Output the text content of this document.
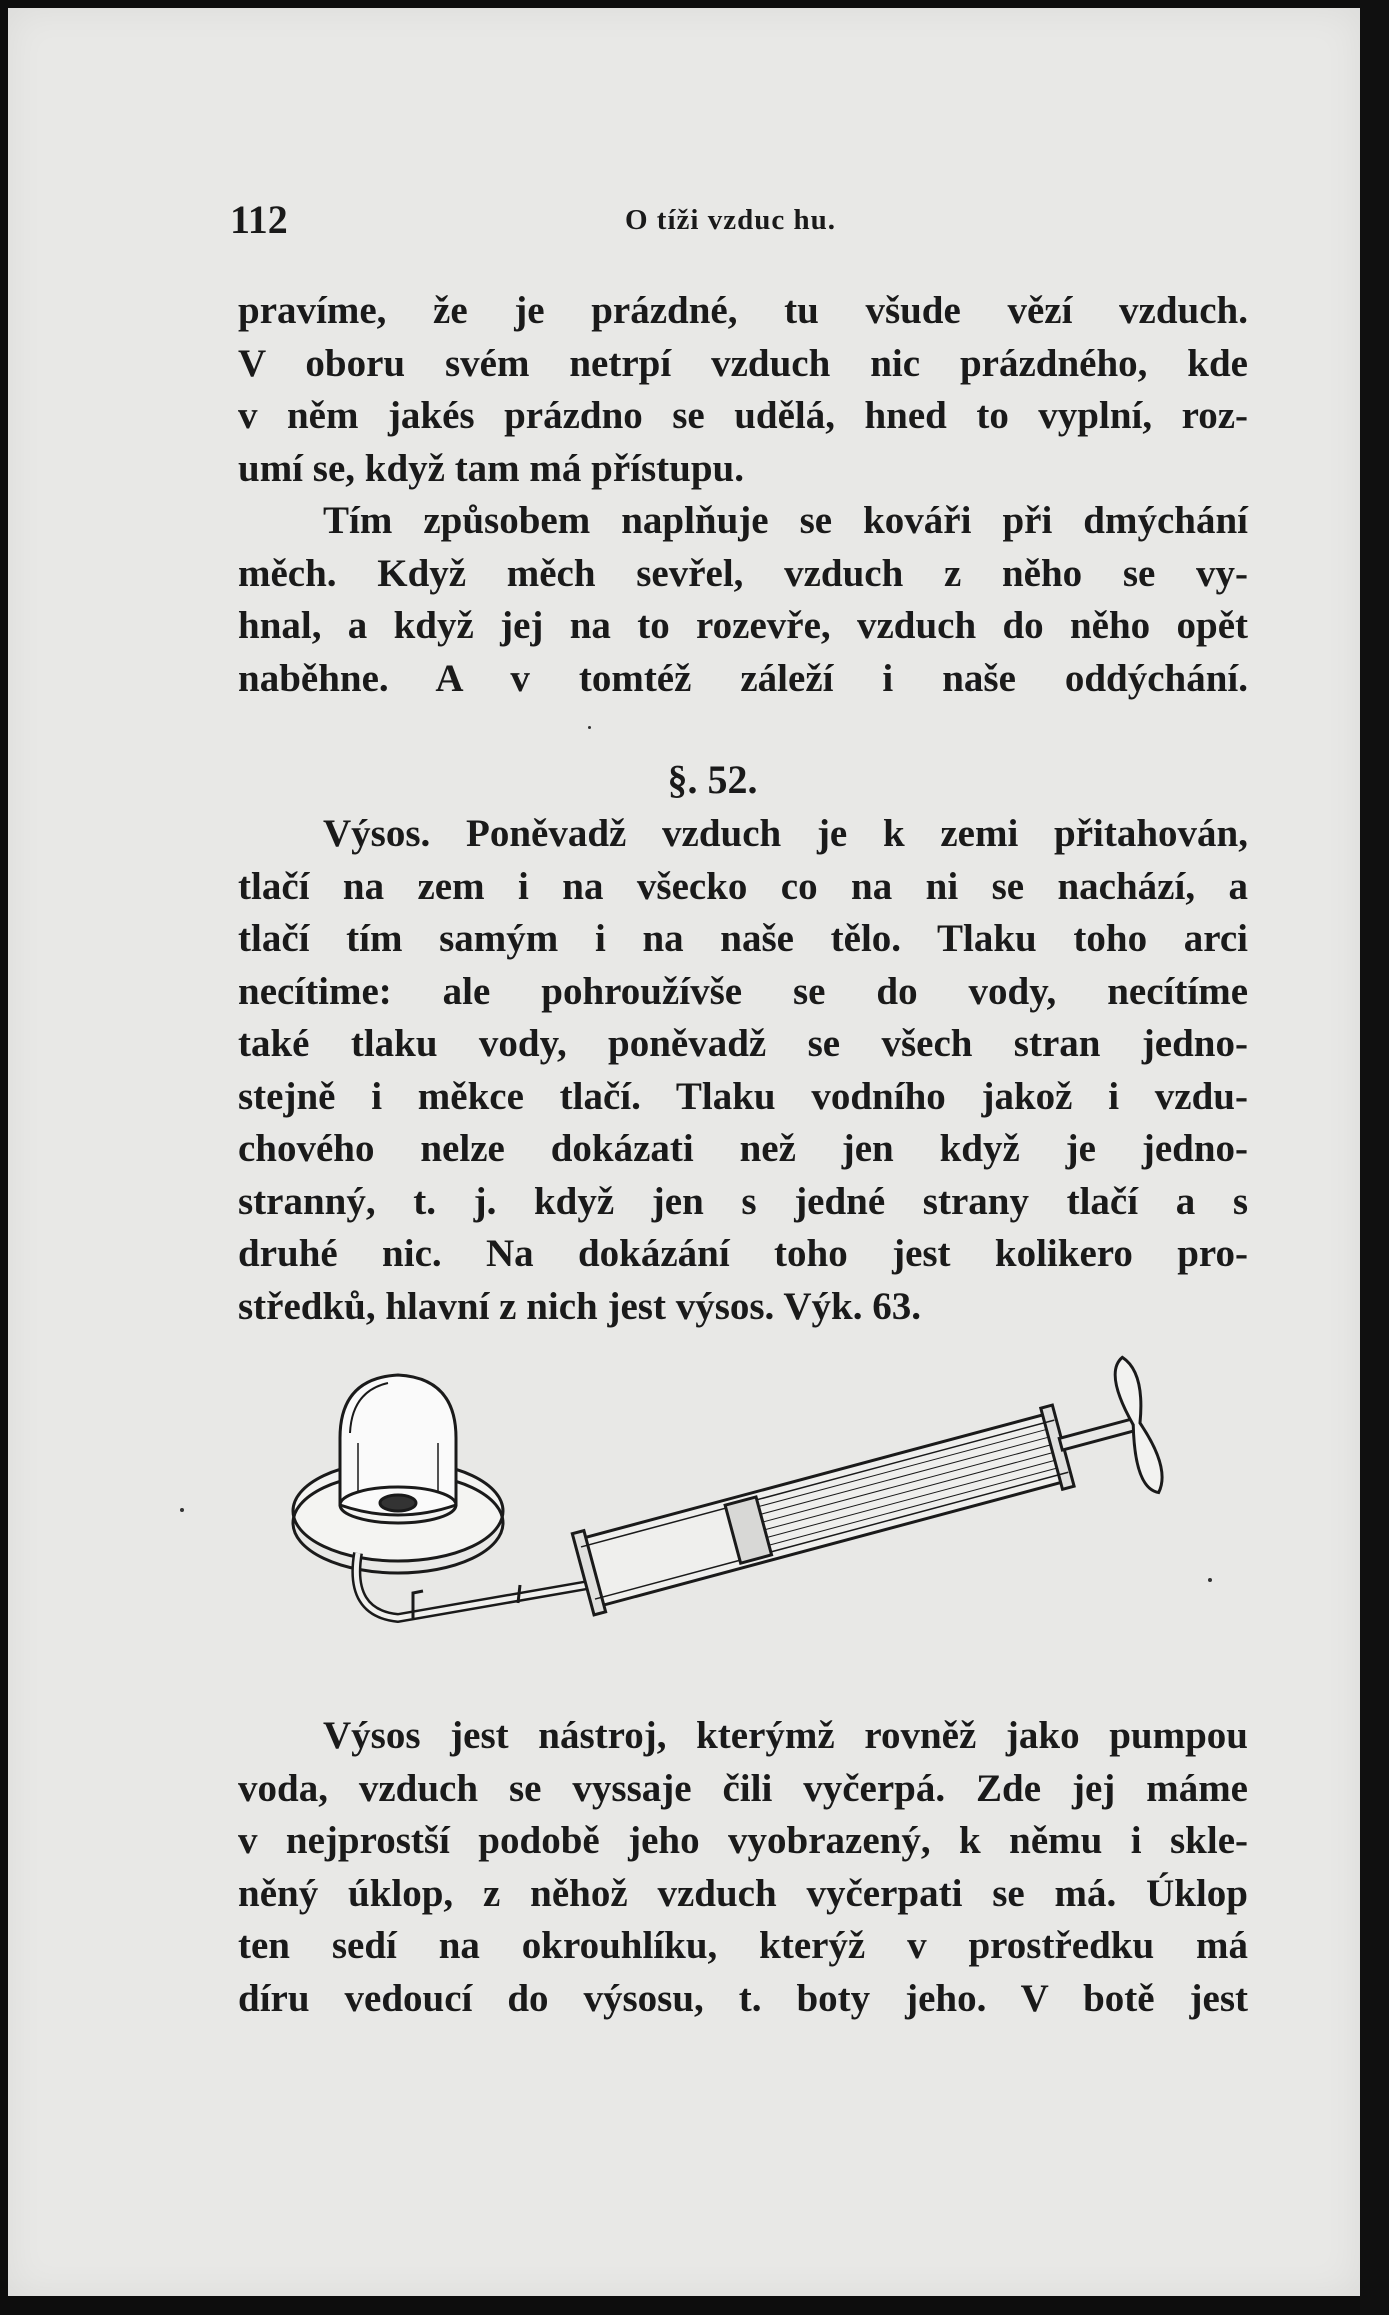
112	O tíži vzduc hu.
pravíme, že je prázdné, tu všude vězí vzduch.
V oboru svém netrpí vzduch nic prázdného, kde
v něm jakés prázdno se udělá, hned to vyplní, roz-
umí se, když tam má přístupu.
Tím způsobem naplňuje se kováři při dmýchání
měch. Když měch sevřel, vzduch z něho se vy-
hnal, a když jej na to rozevře, vzduch do něho opět
naběhne. A v tomtéž záleží i naše oddýchání.
§. 52.
Výsos. Poněvadž vzduch je k zemi přitahován,
tlačí na zem i na všecko co na ni se nachází, a
tlačí tím samým i na naše tělo. Tlaku toho arci
necítime: ale pohroužívše se do vody, necítíme
také tlaku vody, poněvadž se všech stran jedno-
stejně i měkce tlačí. Tlaku vodního jakož i vzdu-
chového nelze dokázati než jen když je jedno-
stranný, t. j. když jen s jedné strany tlačí a s
druhé nic. Na dokázání toho jest kolikero pro-
středků, hlavní z nich jest výsos. Výk. 63.
Výsos jest nástroj, kterýmž rovněž jako pumpou
voda, vzduch se vyssaje čili vyčerpá. Zde jej máme
v nejprostší podobě jeho vyobrazený, k němu i skle-
něný úklop, z něhož vzduch vyčerpati se má. Úklop
ten sedí na okrouhlíku, kterýž v prostředku má
díru vedoucí do výsosu, t. boty jeho. V botě jest
